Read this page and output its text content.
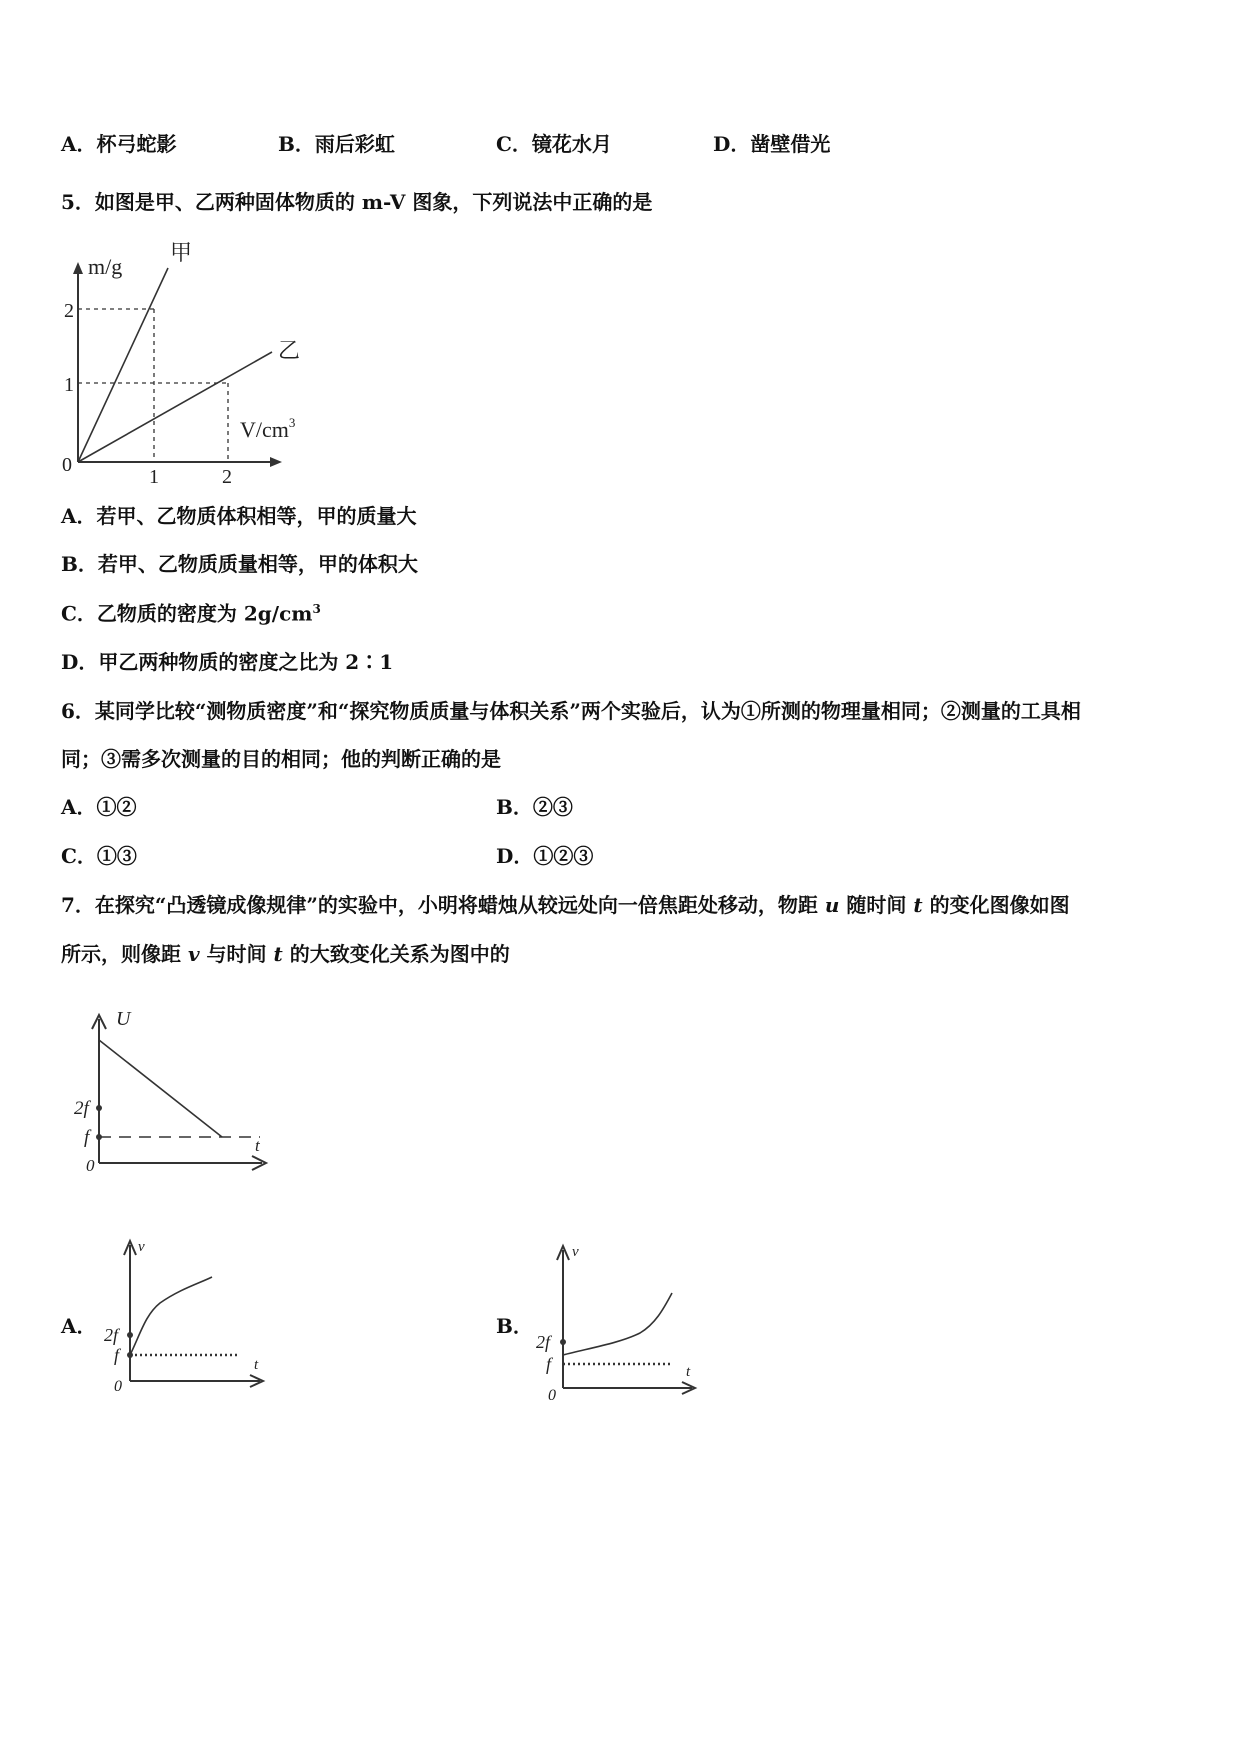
A．杯弓蛇影	B．雨后彩虹	C．镜花水月	D．凿壁借光
5．如图是甲、乙两种固体物质的 m-V 图象，下列说法中正确的是
m/g
甲
乙
2
1
0
1	2
$V/cm^3$
A．若甲、乙物质体积相等，甲的质量大
B．若甲、乙物质质量相等，甲的体积大
C．乙物质的密度为 $2g/cm^3$
D．甲乙两种物质的密度之比为 2∶1
6．某同学比较“测物质密度”和“探究物质质量与体积关系”两个实验后，认为①所测的物理量相同；②测量的工具相
同；③需多次测量的目的相同；他的判断正确的是
A．①②	B．②③
C．①③	D．①②③
7．在探究“凸透镜成像规律”的实验中，小明将蜡烛从较远处向一倍焦距处移动，物距 u 随时间 t 的变化图像如图
所示，则像距 v 与时间 t 的大致变化关系为图中的
U
t
2f
f
0
A．
v
t
2f
f
0
B．
v
t
2f
f
0
